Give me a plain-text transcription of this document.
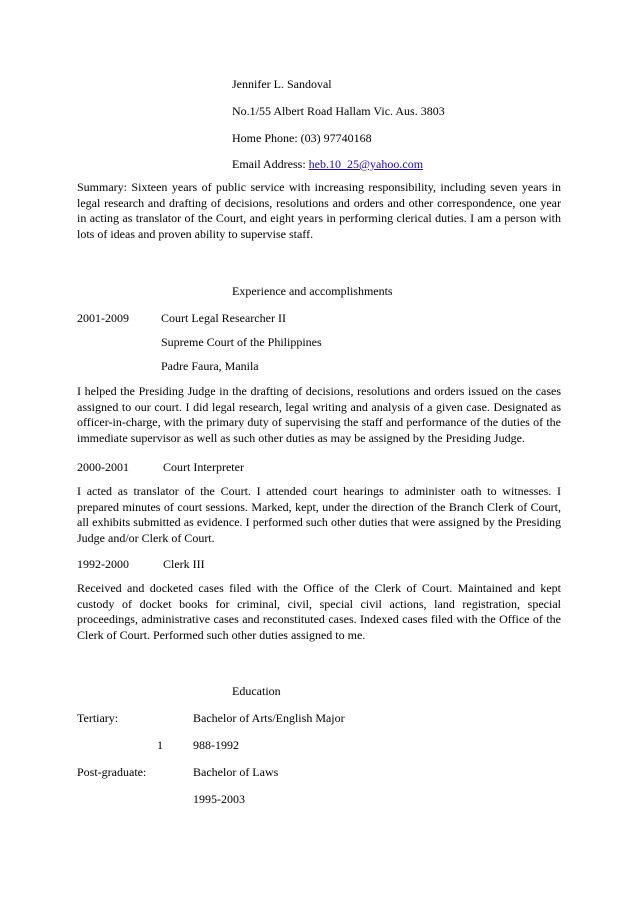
Jennifer L. Sandoval
No.1/55 Albert Road Hallam Vic. Aus. 3803
Home Phone: (03) 97740168
Email Address: heb.10_25@yahoo.com
Summary: Sixteen years of public service with increasing responsibility, including seven years in legal research and drafting of decisions, resolutions and orders and other correspondence, one year in acting as translator of the Court, and eight years in performing clerical duties. I am a person with lots of ideas and proven ability to supervise staff.
Experience and accomplishments
2001-2009	Court Legal Researcher II
Supreme Court of the Philippines
Padre Faura, Manila
I helped the Presiding Judge in the drafting of decisions, resolutions and orders issued on the cases assigned to our court. I did legal research, legal writing and analysis of a given case. Designated as officer-in-charge, with the primary duty of supervising the staff and performance of the duties of the immediate supervisor as well as such other duties as may be assigned by the Presiding Judge.
2000-2001	Court Interpreter
I acted as translator of the Court. I attended court hearings to administer oath to witnesses. I prepared minutes of court sessions. Marked, kept, under the direction of the Branch Clerk of Court, all exhibits submitted as evidence. I performed such other duties that were assigned by the Presiding Judge and/or Clerk of Court.
1992-2000	Clerk III
Received and docketed cases filed with the Office of the Clerk of Court. Maintained and kept custody of docket books for criminal, civil, special civil actions, land registration, special proceedings, administrative cases and reconstituted cases. Indexed cases filed with the Office of the Clerk of Court. Performed such other duties assigned to me.
Education
Tertiary:	Bachelor of Arts/English Major
1	988-1992
Post-graduate:	Bachelor of Laws
1995-2003
